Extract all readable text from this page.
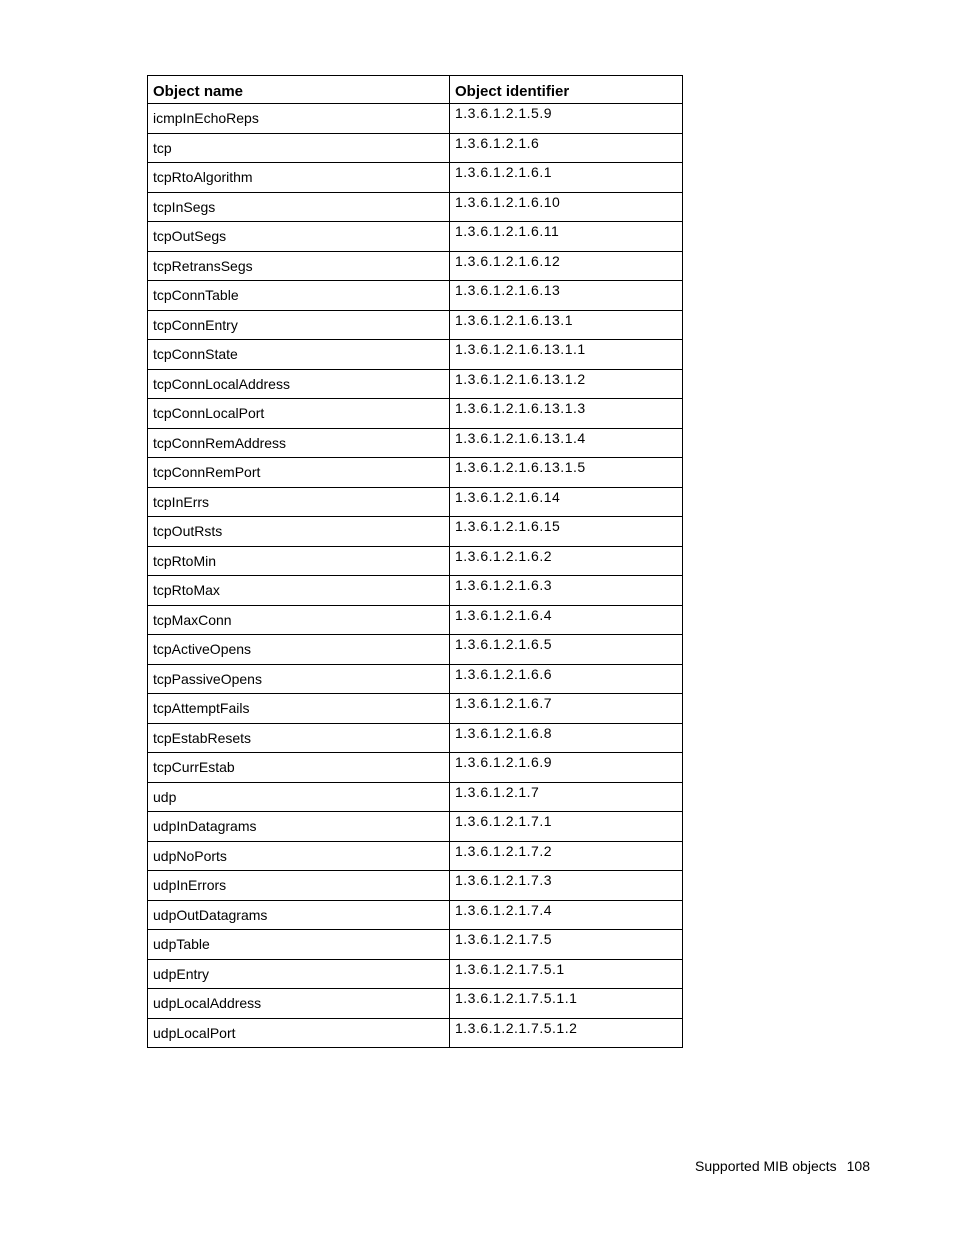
Object name	Object identifier
icmpInEchoReps	1.3.6.1.2.1.5.9
tcp	1.3.6.1.2.1.6
tcpRtoAlgorithm	1.3.6.1.2.1.6.1
tcpInSegs	1.3.6.1.2.1.6.10
tcpOutSegs	1.3.6.1.2.1.6.11
tcpRetransSegs	1.3.6.1.2.1.6.12
tcpConnTable	1.3.6.1.2.1.6.13
tcpConnEntry	1.3.6.1.2.1.6.13.1
tcpConnState	1.3.6.1.2.1.6.13.1.1
tcpConnLocalAddress	1.3.6.1.2.1.6.13.1.2
tcpConnLocalPort	1.3.6.1.2.1.6.13.1.3
tcpConnRemAddress	1.3.6.1.2.1.6.13.1.4
tcpConnRemPort	1.3.6.1.2.1.6.13.1.5
tcpInErrs	1.3.6.1.2.1.6.14
tcpOutRsts	1.3.6.1.2.1.6.15
tcpRtoMin	1.3.6.1.2.1.6.2
tcpRtoMax	1.3.6.1.2.1.6.3
tcpMaxConn	1.3.6.1.2.1.6.4
tcpActiveOpens	1.3.6.1.2.1.6.5
tcpPassiveOpens	1.3.6.1.2.1.6.6
tcpAttemptFails	1.3.6.1.2.1.6.7
tcpEstabResets	1.3.6.1.2.1.6.8
tcpCurrEstab	1.3.6.1.2.1.6.9
udp	1.3.6.1.2.1.7
udpInDatagrams	1.3.6.1.2.1.7.1
udpNoPorts	1.3.6.1.2.1.7.2
udpInErrors	1.3.6.1.2.1.7.3
udpOutDatagrams	1.3.6.1.2.1.7.4
udpTable	1.3.6.1.2.1.7.5
udpEntry	1.3.6.1.2.1.7.5.1
udpLocalAddress	1.3.6.1.2.1.7.5.1.1
udpLocalPort	1.3.6.1.2.1.7.5.1.2
Supported MIB objects 108
